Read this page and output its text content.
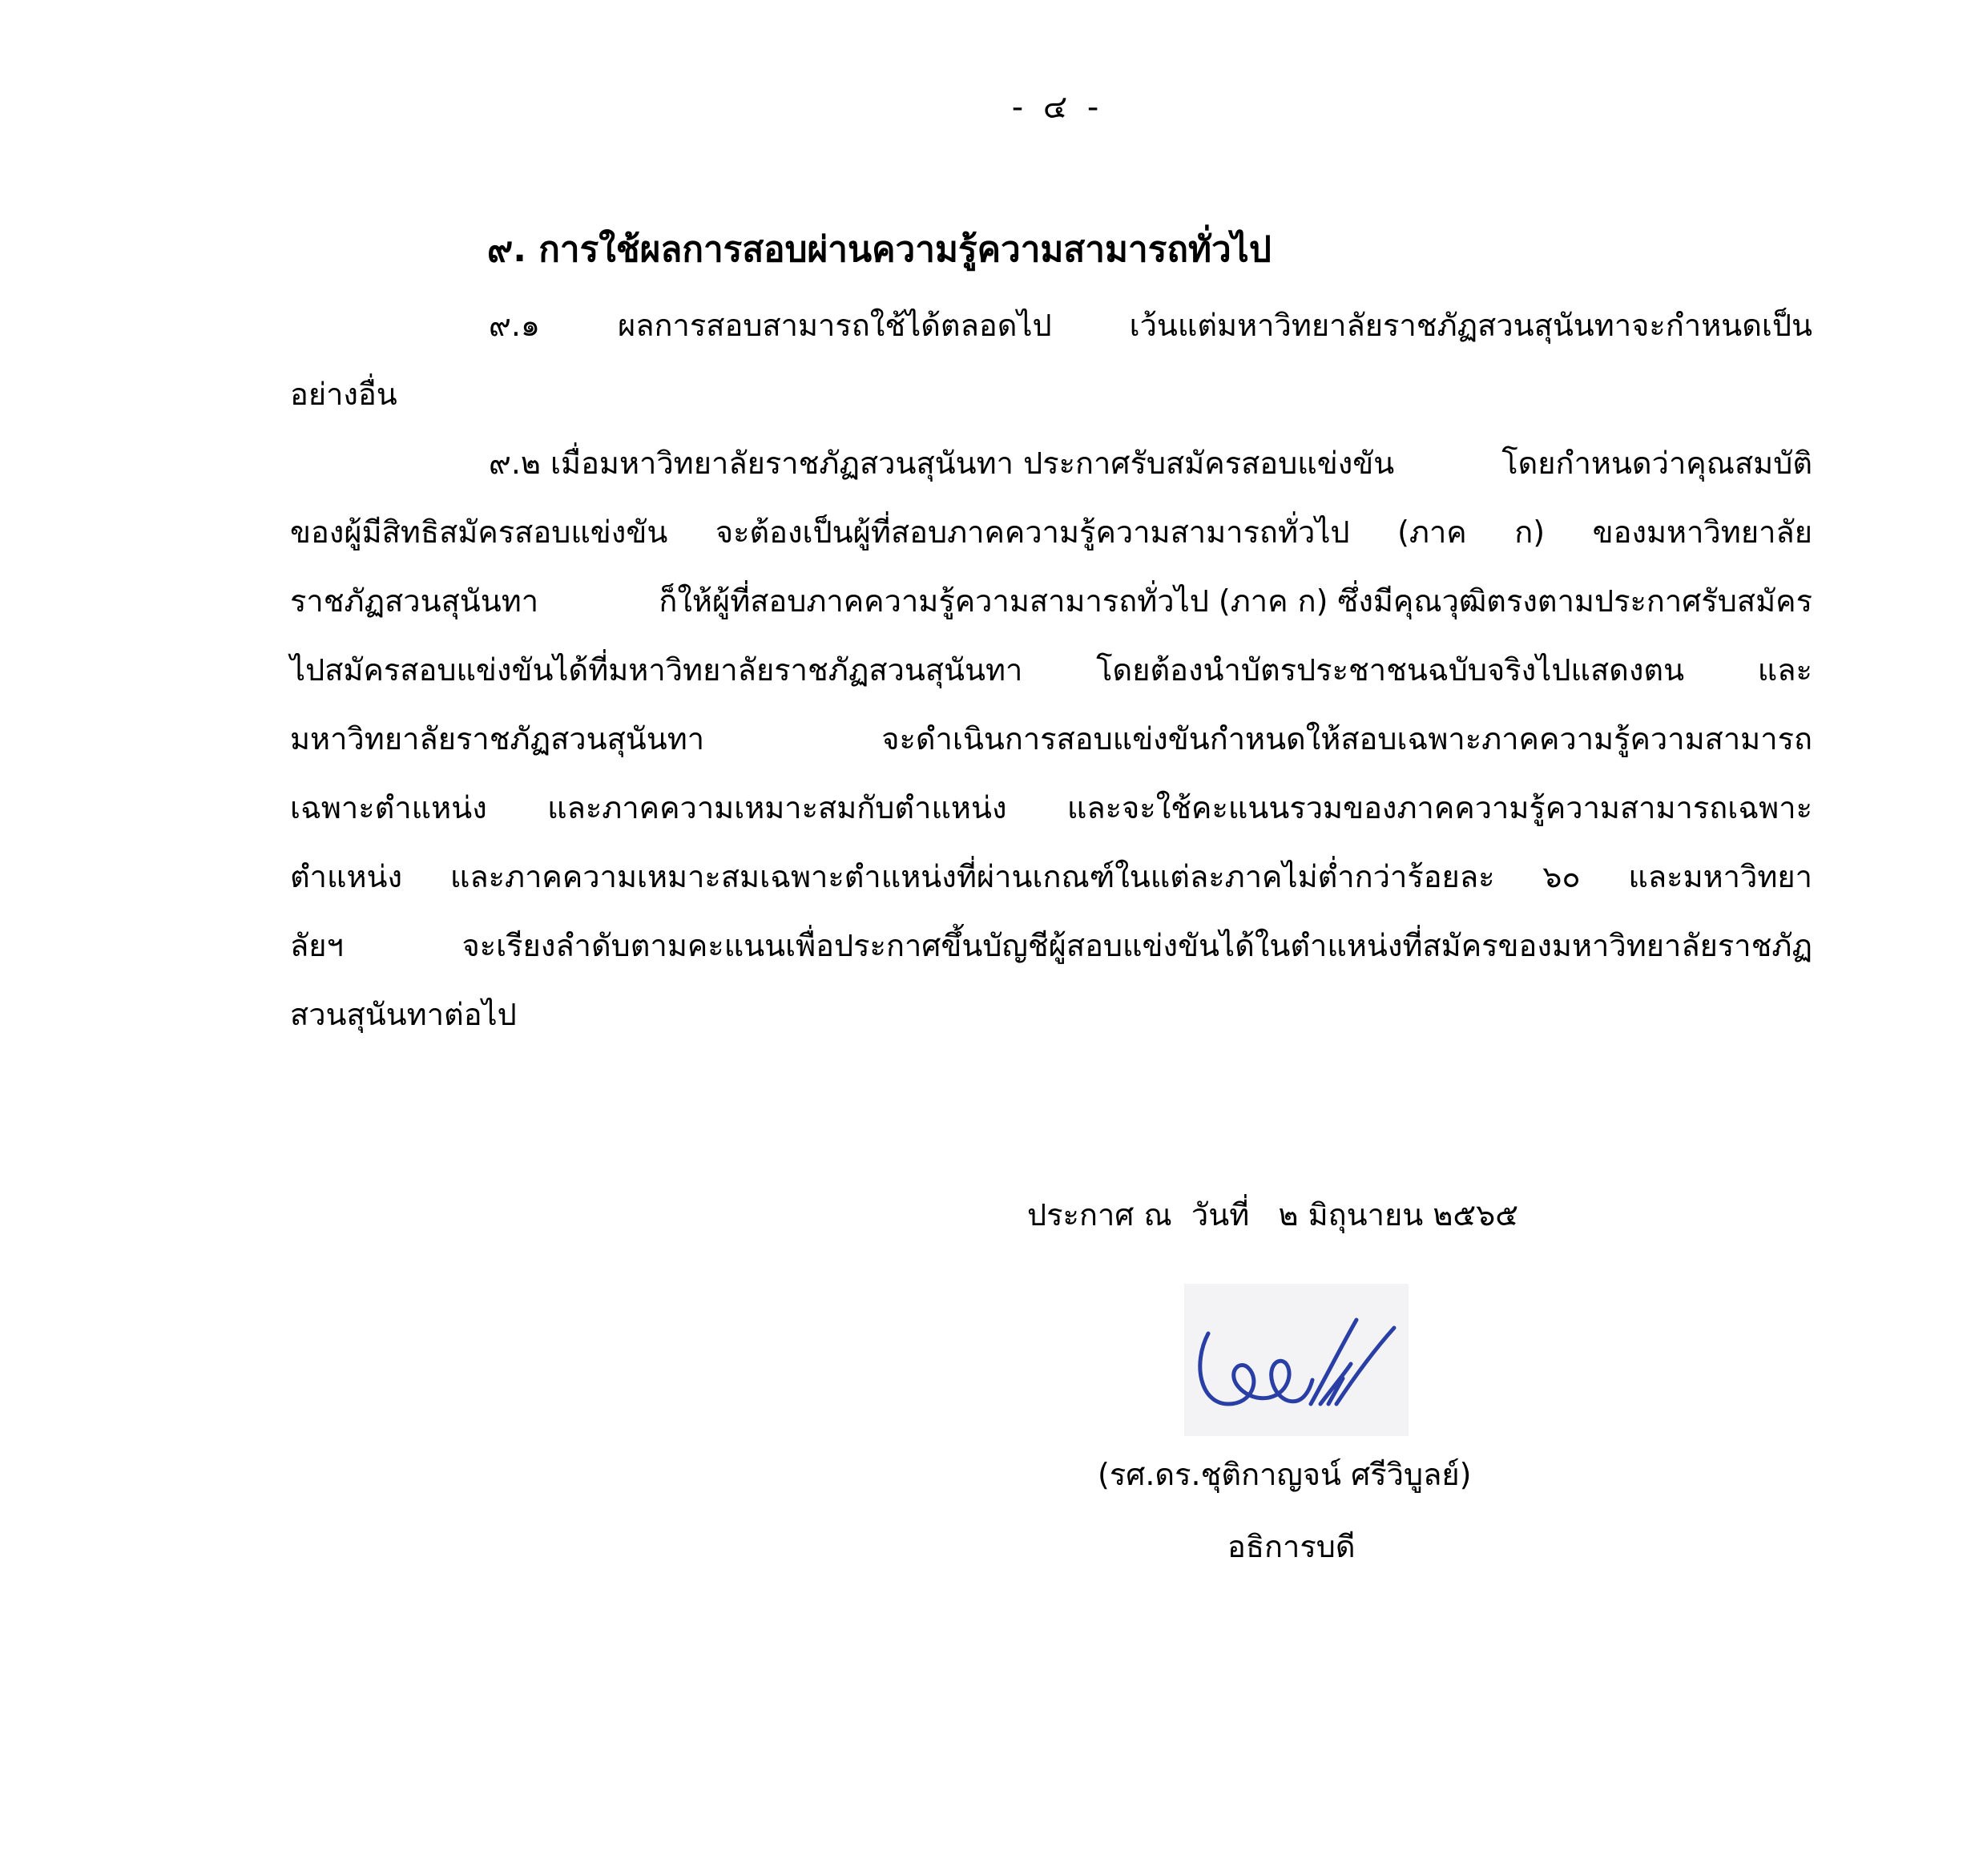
- ๔ -
๙. การใช้ผลการสอบผ่านความรู้ความสามารถทั่วไป
๙.๑	ผลการสอบสามารถใช้ได้ตลอดไป	เว้นแต่มหาวิทยาลัยราชภัฏสวนสุนันทาจะกำหนดเป็น
อย่างอื่น
๙.๒ เมื่อมหาวิทยาลัยราชภัฏสวนสุนันทา ประกาศรับสมัครสอบแข่งขัน	โดยกำหนดว่าคุณสมบัติ
ของผู้มีสิทธิสมัครสอบแข่งขัน จะต้องเป็นผู้ที่สอบภาคความรู้ความสามารถทั่วไป (ภาค ก) ของมหาวิทยาลัย
ราชภัฏสวนสุนันทา	ก็ให้ผู้ที่สอบภาคความรู้ความสามารถทั่วไป (ภาค ก) ซึ่งมีคุณวุฒิตรงตามประกาศรับสมัคร
ไปสมัครสอบแข่งขันได้ที่มหาวิทยาลัยราชภัฏสวนสุนันทา โดยต้องนำบัตรประชาชนฉบับจริงไปแสดงตน และ
มหาวิทยาลัยราชภัฏสวนสุนันทา	จะดำเนินการสอบแข่งขันกำหนดให้สอบเฉพาะภาคความรู้ความสามารถ
เฉพาะตำแหน่ง และภาคความเหมาะสมกับตำแหน่ง และจะใช้คะแนนรวมของภาคความรู้ความสามารถเฉพาะ
ตำแหน่ง และภาคความเหมาะสมเฉพาะตำแหน่งที่ผ่านเกณฑ์ในแต่ละภาคไม่ต่ำกว่าร้อยละ ๖๐ และมหาวิทยา
ลัยฯ	จะเรียงลำดับตามคะแนนเพื่อประกาศขึ้นบัญชีผู้สอบแข่งขันได้ในตำแหน่งที่สมัครของมหาวิทยาลัยราชภัฏ
สวนสุนันทาต่อไป
ประกาศ ณ  วันที่   ๒ มิถุนายน ๒๕๖๕
(รศ.ดร.ชุติกาญจน์ ศรีวิบูลย์)
อธิการบดี
